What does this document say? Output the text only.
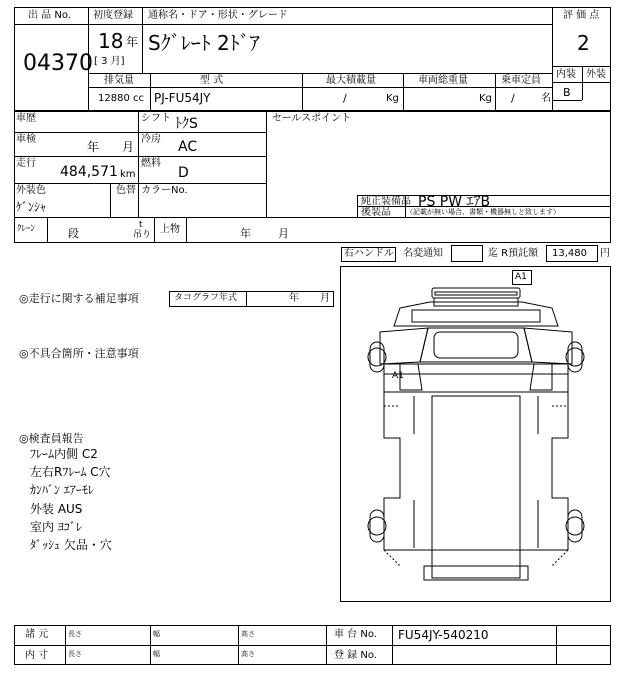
出 品 No.
04370
初度登録 通称名・ドア・形状・グレード	評 価 点
2
内装 外装
B
18 年
[ 3 月]
Sｸﾞﾚｰﾄ 2ﾄﾞｱ
排気量	型 式	最大積載量	車両総重量	乗車定員
12880 cc PJ-FU54JY	/	Kg	Kg /	名
車歴	シフト ﾄｸS	セールスポイント
車検
年 月
冷房 AC
走行
484,571 km
燃料
D
外装色
ｹﾞﾝｼｬ
色替 カラーNo.
純正装備品 PS PW ｴｱB
後装品 （記載が無い場合、書類・機器無しと致します）
ｸﾚｰﾝ	段
t
吊り 上物	年 月
右ハンドル 名変通知	迄 R預託額 13,480 円
◎走行に関する補足事項	タコグラフ年式	年 月
◎不具合箇所・注意事項
◎検査員報告
ﾌﾚｰﾑ内側 C2
左右Rﾌﾚｰﾑ C穴
ｶﾝﾊﾞﾝ ｴｱｰﾓﾚ
外装 AUS
室内 ﾖｺﾞﾚ
ﾀﾞｯｼｭ 欠品・穴
A1
A1
諸 元
内 寸
長さ
長さ
幅
幅
高さ
高さ
車 台 No. FU54JY-540210
登 録 No.
